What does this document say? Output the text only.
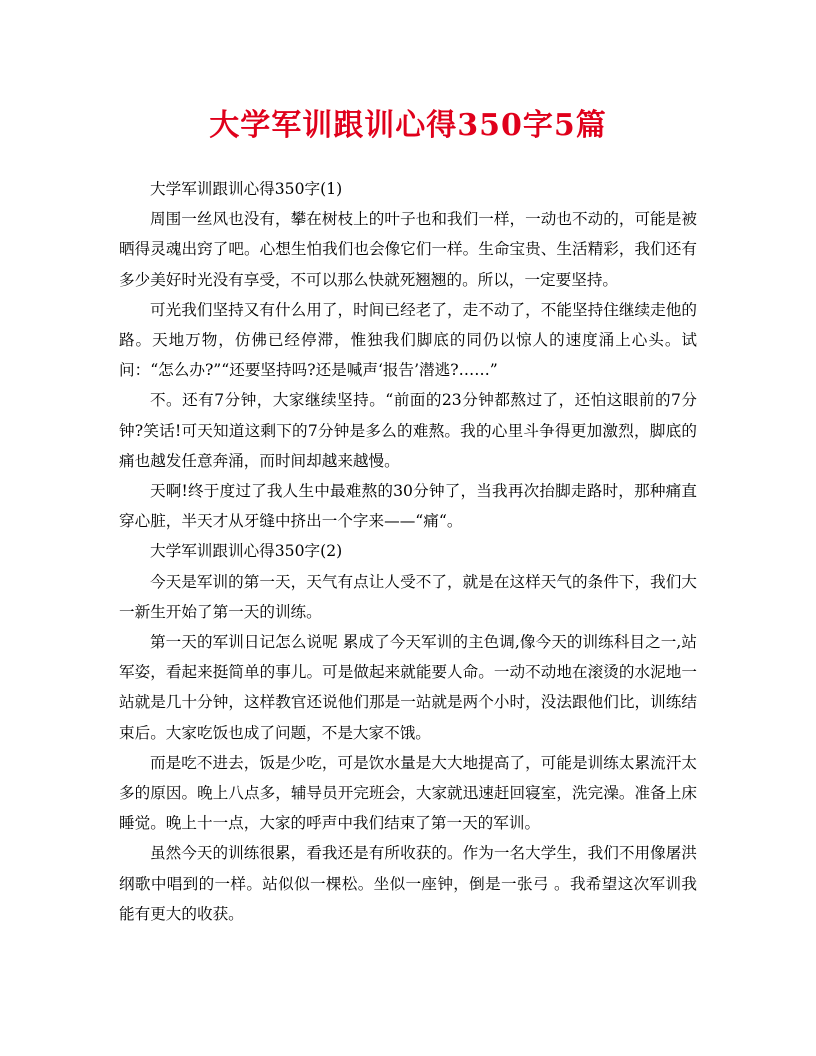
大学军训跟训心得350字5篇

大学军训跟训心得350字(1)

周围一丝风也没有，攀在树枝上的叶子也和我们一样，一动也不动的，可能是被晒得灵魂出窍了吧。心想生怕我们也会像它们一样。生命宝贵、生活精彩，我们还有多少美好时光没有享受，不可以那么快就死翘翘的。所以，一定要坚持。

可光我们坚持又有什么用了，时间已经老了，走不动了，不能坚持住继续走他的路。天地万物，仿佛已经停滞，惟独我们脚底的同仍以惊人的速度涌上心头。试问：“怎么办?”“还要坚持吗?还是喊声‘报告’潜逃?……”

不。还有7分钟，大家继续坚持。“前面的23分钟都熬过了，还怕这眼前的7分钟?笑话!可天知道这剩下的7分钟是多么的难熬。我的心里斗争得更加激烈，脚底的痛也越发任意奔涌，而时间却越来越慢。

天啊!终于度过了我人生中最难熬的30分钟了，当我再次抬脚走路时，那种痛直穿心脏，半天才从牙缝中挤出一个字来——“痛“。

大学军训跟训心得350字(2)

今天是军训的第一天，天气有点让人受不了，就是在这样天气的条件下，我们大一新生开始了第一天的训练。

第一天的军训日记怎么说呢 累成了今天军训的主色调,像今天的训练科目之一,站军姿，看起来挺简单的事儿。可是做起来就能要人命。一动不动地在滚烫的水泥地一站就是几十分钟，这样教官还说他们那是一站就是两个小时，没法跟他们比，训练结束后。大家吃饭也成了问题，不是大家不饿。

而是吃不进去，饭是少吃，可是饮水量是大大地提高了，可能是训练太累流汗太多的原因。晚上八点多，辅导员开完班会，大家就迅速赶回寝室，洗完澡。准备上床睡觉。晚上十一点，大家的呼声中我们结束了第一天的军训。

虽然今天的训练很累，看我还是有所收获的。作为一名大学生，我们不用像屠洪纲歌中唱到的一样。站似似一棵松。坐似一座钟，倒是一张弓 。我希望这次军训我能有更大的收获。
